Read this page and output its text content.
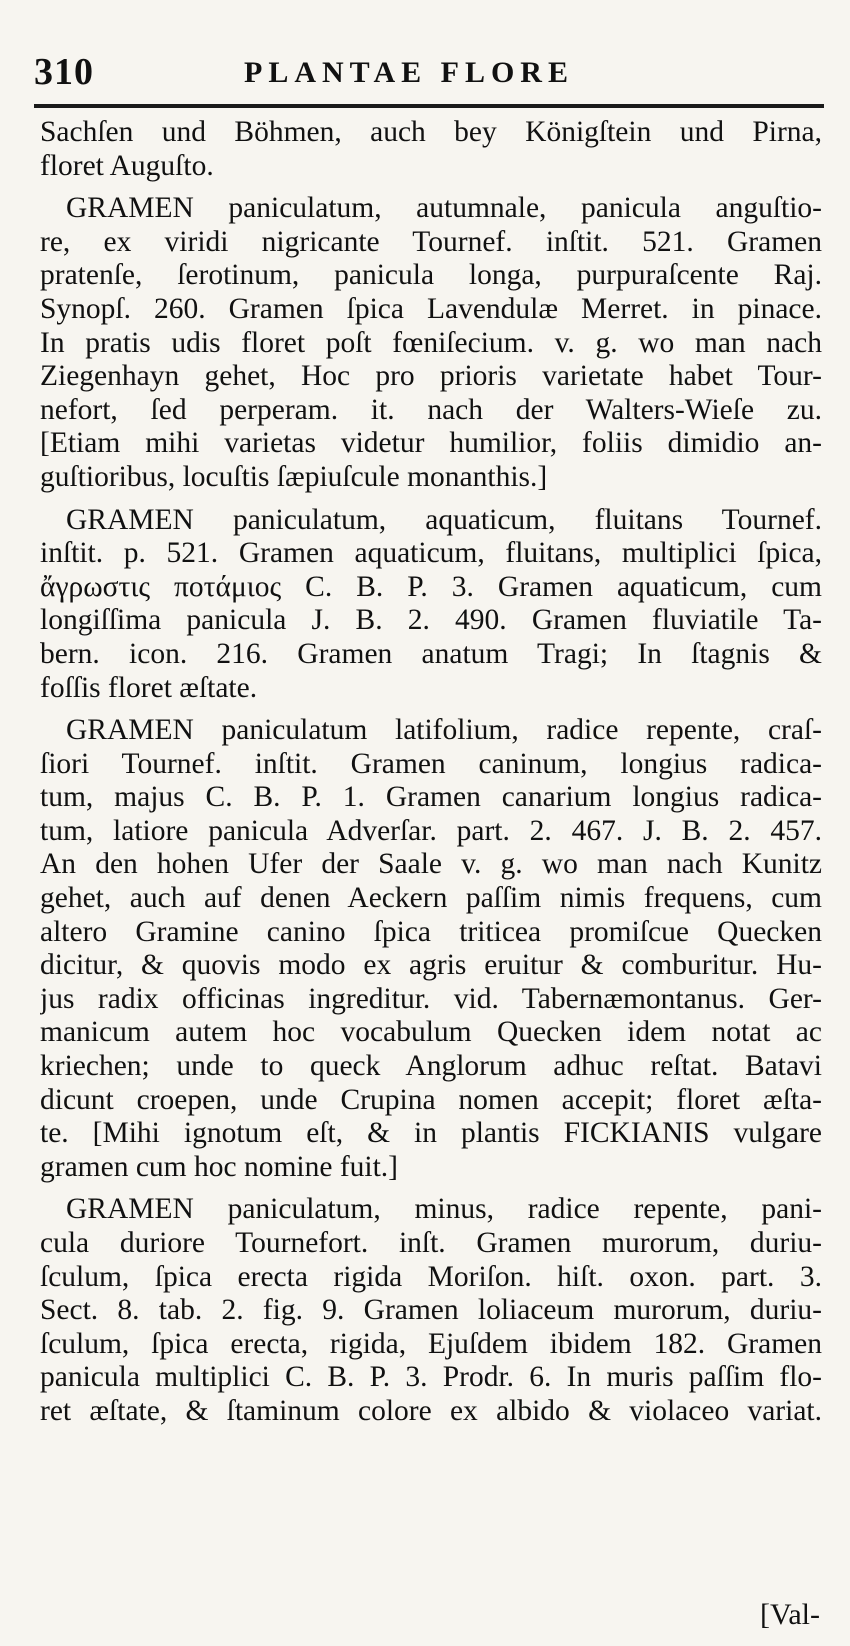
310	PLANTAE FLORE
Sachſen und Böhmen, auch bey Königſtein und Pirna,
floret Auguſto.
GRAMEN paniculatum, autumnale, panicula anguſtio-
re, ex viridi nigricante Tournef. inſtit. 521. Gramen
pratenſe, ſerotinum, panicula longa, purpuraſcente Raj.
Synopſ. 260. Gramen ſpica Lavendulæ Merret. in pinace.
In pratis udis floret poſt fœniſecium. v. g. wo man nach
Ziegenhayn gehet, Hoc pro prioris varietate habet Tour-
nefort, ſed perperam. it. nach der Walters-Wieſe zu.
[Etiam mihi varietas videtur humilior, foliis dimidio an-
guſtioribus, locuſtis ſæpiuſcule monanthis.]
GRAMEN paniculatum, aquaticum, fluitans Tournef.
inſtit. p. 521. Gramen aquaticum, fluitans, multiplici ſpica,
ἄγρωστις ποτάμιος C. B. P. 3. Gramen aquaticum, cum
longiſſima panicula J. B. 2. 490. Gramen fluviatile Ta-
bern. icon. 216. Gramen anatum Tragi; In ſtagnis &
foſſis floret æſtate.
GRAMEN paniculatum latifolium, radice repente, craſ-
ſiori Tournef. inſtit. Gramen caninum, longius radica-
tum, majus C. B. P. 1. Gramen canarium longius radica-
tum, latiore panicula Adverſar. part. 2. 467. J. B. 2. 457.
An den hohen Ufer der Saale v. g. wo man nach Kunitz
gehet, auch auf denen Aeckern paſſim nimis frequens, cum
altero Gramine canino ſpica triticea promiſcue Quecken
dicitur, & quovis modo ex agris eruitur & comburitur. Hu-
jus radix officinas ingreditur. vid. Tabernæmontanus. Ger-
manicum autem hoc vocabulum Quecken idem notat ac
kriechen; unde to queck Anglorum adhuc reſtat. Batavi
dicunt croepen, unde Crupina nomen accepit; floret æſta-
te. [Mihi ignotum eſt, & in plantis FICKIANIS vulgare
gramen cum hoc nomine fuit.]
GRAMEN paniculatum, minus, radice repente, pani-
cula duriore Tournefort. inſt. Gramen murorum, duriu-
ſculum, ſpica erecta rigida Moriſon. hiſt. oxon. part. 3.
Sect. 8. tab. 2. fig. 9. Gramen loliaceum murorum, duriu-
ſculum, ſpica erecta, rigida, Ejuſdem ibidem 182. Gramen
panicula multiplici C. B. P. 3. Prodr. 6. In muris paſſim flo-
ret æſtate, & ſtaminum colore ex albido & violaceo variat.
[Val-
